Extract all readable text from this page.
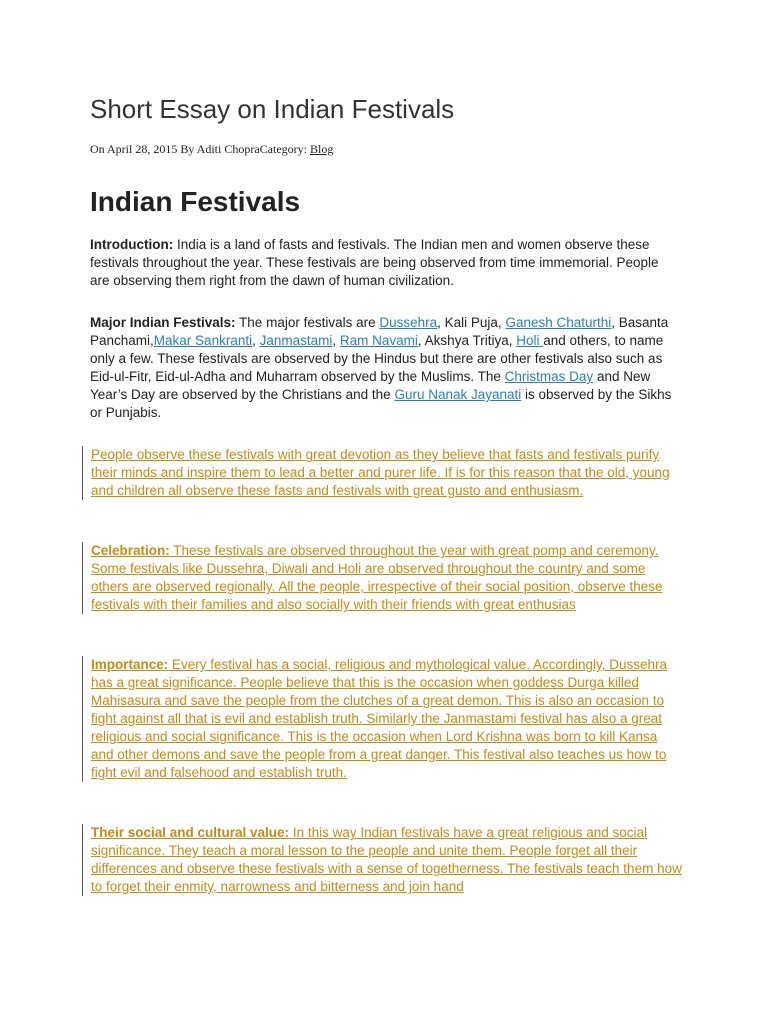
Short Essay on Indian Festivals
On April 28, 2015 By Aditi ChopraCategory: Blog
Indian Festivals

Introduction: India is a land of fasts and festivals. The Indian men and women observe these festivals throughout the year. These festivals are being observed from time immemorial. People are observing them right from the dawn of human civilization.

Major Indian Festivals: The major festivals are Dussehra, Kali Puja, Ganesh Chaturthi, Basanta Panchami,Makar Sankranti, Janmastami, Ram Navami, Akshya Tritiya, Holi and others, to name only a few. These festivals are observed by the Hindus but there are other festivals also such as Eid-ul-Fitr, Eid-ul-Adha and Muharram observed by the Muslims. The Christmas Day and New Year’s Day are observed by the Christians and the Guru Nanak Jayanati is observed by the Sikhs or Punjabis.

People observe these festivals with great devotion as they believe that fasts and festivals purify their minds and inspire them to lead a better and purer life. If is for this reason that the old, young and children all observe these fasts and festivals with great gusto and enthusiasm.
Celebration: These festivals are observed throughout the year with great pomp and ceremony. Some festivals like Dussehra, Diwali and Holi are observed throughout the country and some others are observed regionally. All the people, irrespective of their social position, observe these festivals with their families and also socially with their friends with great enthusias
Importance: Every festival has a social, religious and mythological value. Accordingly, Dussehra has a great significance. People believe that this is the occasion when goddess Durga killed Mahisasura and save the people from the clutches of a great demon. This is also an occasion to fight against all that is evil and establish truth. Similarly the Janmastami festival has also a great religious and social significance. This is the occasion when Lord Krishna was born to kill Kansa and other demons and save the people from a great danger. This festival also teaches us how to fight evil and falsehood and establish truth.
Their social and cultural value: In this way Indian festivals have a great religious and social significance. They teach a moral lesson to the people and unite them. People forget all their differences and observe these festivals with a sense of togetherness. The festivals teach them how to forget their enmity, narrowness and bitterness and join hand
